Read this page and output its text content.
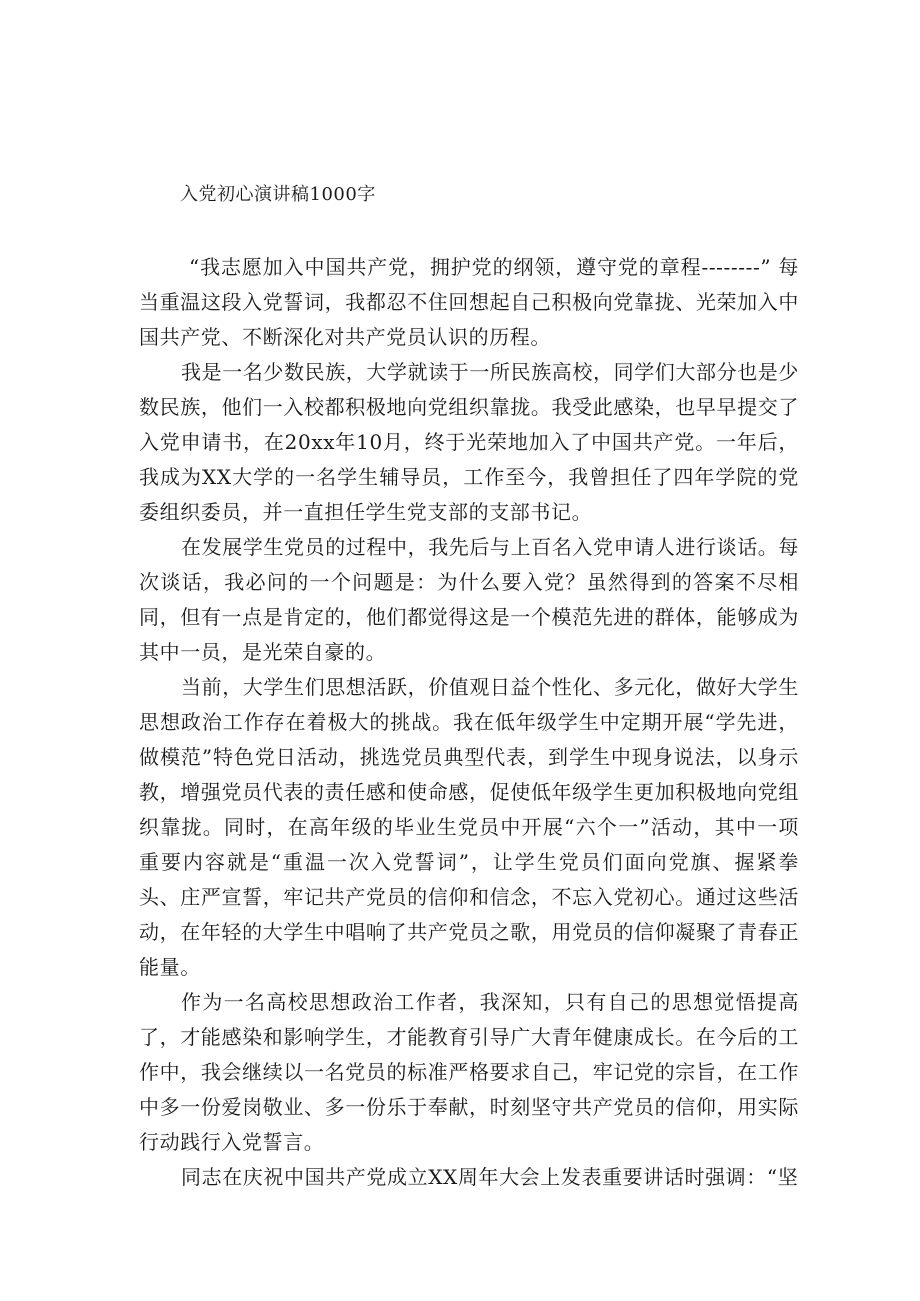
入党初心演讲稿1000字

“我志愿加入中国共产党，拥护党的纲领，遵守党的章程--------” 每当重温这段入党誓词，我都忍不住回想起自己积极向党靠拢、光荣加入中国共产党、不断深化对共产党员认识的历程。

我是一名少数民族，大学就读于一所民族高校，同学们大部分也是少数民族，他们一入校都积极地向党组织靠拢。我受此感染，也早早提交了入党申请书，在20xx年10月，终于光荣地加入了中国共产党。一年后，我成为XX大学的一名学生辅导员，工作至今，我曾担任了四年学院的党委组织委员，并一直担任学生党支部的支部书记。

在发展学生党员的过程中，我先后与上百名入党申请人进行谈话。每次谈话，我必问的一个问题是：为什么要入党？虽然得到的答案不尽相同，但有一点是肯定的，他们都觉得这是一个模范先进的群体，能够成为其中一员，是光荣自豪的。

当前，大学生们思想活跃，价值观日益个性化、多元化，做好大学生思想政治工作存在着极大的挑战。我在低年级学生中定期开展“学先进，做模范”特色党日活动，挑选党员典型代表，到学生中现身说法，以身示教，增强党员代表的责任感和使命感，促使低年级学生更加积极地向党组织靠拢。同时，在高年级的毕业生党员中开展“六个一”活动，其中一项重要内容就是“重温一次入党誓词”，让学生党员们面向党旗、握紧拳头、庄严宣誓，牢记共产党员的信仰和信念，不忘入党初心。通过这些活动，在年轻的大学生中唱响了共产党员之歌，用党员的信仰凝聚了青春正能量。

作为一名高校思想政治工作者，我深知，只有自己的思想觉悟提高了，才能感染和影响学生，才能教育引导广大青年健康成长。在今后的工作中，我会继续以一名党员的标准严格要求自己，牢记党的宗旨，在工作中多一份爱岗敬业、多一份乐于奉献，时刻坚守共产党员的信仰，用实际行动践行入党誓言。

同志在庆祝中国共产党成立XX周年大会上发表重要讲话时强调：“坚
